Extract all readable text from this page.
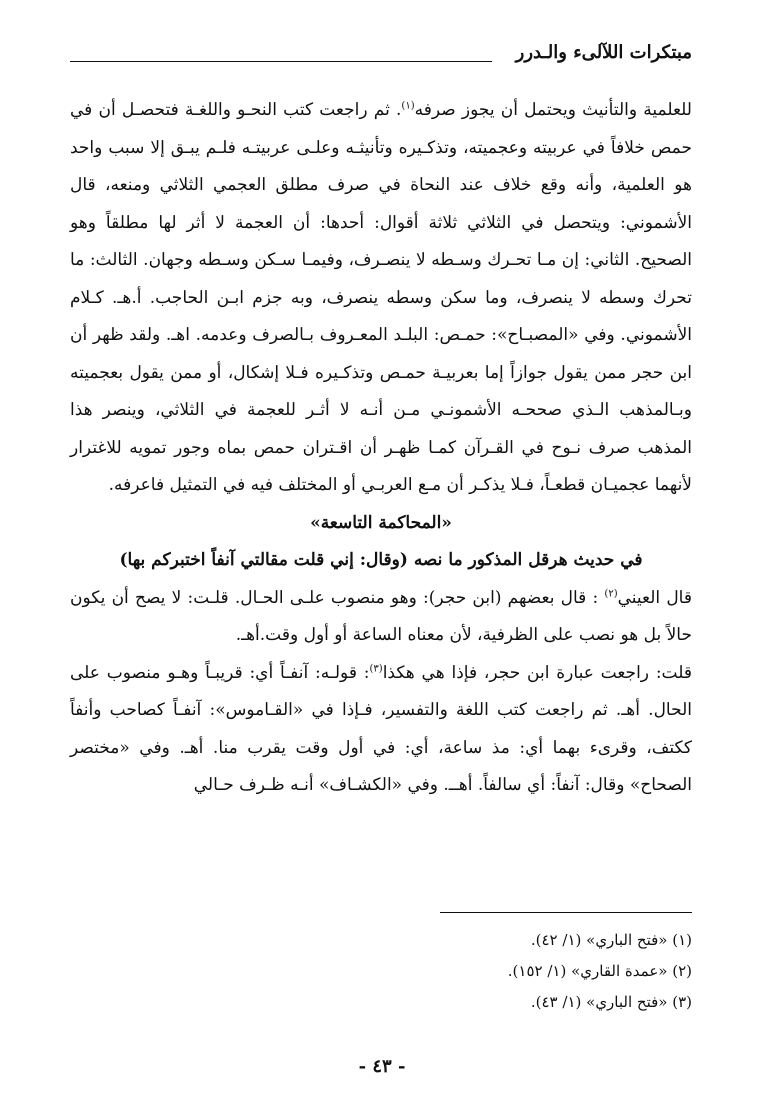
مبتكرات اللآلىء والـدرر

للعلمية والتأنيث ويحتمل أن يجوز صرفه$^{(١)}$. ثم راجعت كتب النحـو واللغـة فتحصـل أن في حمص خلافاً في عربيته وعجميته، وتذكـيره وتأنيثـه وعلـى عربيتـه فلـم يبـق إلا سبب واحد هو العلمية، وأنه وقع خلاف عند النحاة في صرف مطلق العجمي الثلاثي ومنعه، قال الأشموني: ويتحصل في الثلاثي ثلاثة أقوال: أحدها: أن العجمة لا أثر لها مطلقاً وهو الصحيح. الثاني: إن مـا تحـرك وسـطه لا ينصـرف، وفيمـا سـكن وسـطه وجهان. الثالث: ما تحرك وسطه لا ينصرف، وما سكن وسطه ينصرف، وبه جزم ابـن الحاجب. أ.هـ. كـلام الأشموني. وفي «المصبـاح»: حمـص: البلـد المعـروف بـالصرف وعدمه. اهـ. ولقد ظهر أن ابن حجر ممن يقول جوازاً إما بعربيـة حمـص وتذكـيره فـلا إشكال، أو ممن يقول بعجميته وبـالمذهب الـذي صححـه الأشمونـي مـن أنـه لا أثـر للعجمة في الثلاثي، وينصر هذا المذهب صرف نـوح في القـرآن كمـا ظهـر أن اقـتران حمص بماه وجور تمويه للاغترار لأنهما عجميـان قطعـاً، فـلا يذكـر أن مـع العربـي أو المختلف فيه في التمثيل فاعرفه.

«المحاكمة التاسعة»

في حديث هرقل المذكور ما نصه (وقال: إني قلت مقالتي آنفاً اختبركم بها)

قال العيني$^{(٢)}$ : قال بعضهم (ابن حجر): وهو منصوب علـى الحـال. قلـت: لا يصح أن يكون حالاً بل هو نصب على الظرفية، لأن معناه الساعة أو أول وقت.أهـ.

قلت: راجعت عبارة ابن حجر، فإذا هي هكذا$^{(٣)}$: قولـه: آنفـاً أي: قريبـاً وهـو منصوب على الحال. أهـ. ثم راجعت كتب اللغة والتفسير، فـإذا في «القـاموس»: آنفـاً كصاحب وأنفاً ككتف، وقرىء بهما أي: مذ ساعة، أي: في أول وقت يقرب منا. أهـ. وفي «مختصر الصحاح» وقال: آنفاً: أي سالفاً. أهــ. وفي «الكشـاف» أنـه ظـرف حـالي

(١) «فتح الباري» (١/ ٤٢).
(٢) «عمدة القاري» (١/ ١٥٢).
(٣) «فتح الباري» (١/ ٤٣).
- ٤٣ -
